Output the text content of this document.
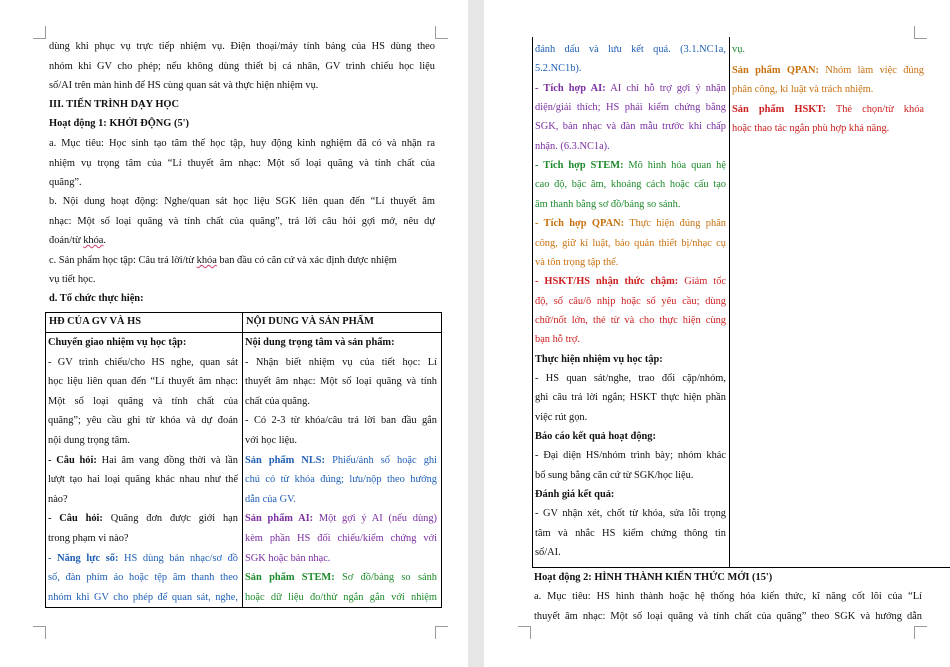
dùng khi phục vụ trực tiếp nhiệm vụ. Điện thoại/máy tính bảng của HS dùng theo
nhóm khi GV cho phép; nếu không dùng thiết bị cá nhân, GV trình chiếu học liệu
số/AI trên màn hình để HS cùng quan sát và thực hiện nhiệm vụ.
III. TIẾN TRÌNH DẠY HỌC
Hoạt động 1: KHỞI ĐỘNG (5')
a. Mục tiêu: Học sinh tạo tâm thế học tập, huy động kinh nghiệm đã có và nhận ra
nhiệm vụ trọng tâm của “Lí thuyết âm nhạc: Một số loại quãng và tính chất của
quãng”.
b. Nội dung hoạt động: Nghe/quan sát học liệu SGK liên quan đến “Lí thuyết âm
nhạc: Một số loại quãng và tính chất của quãng”, trả lời câu hỏi gợi mở, nêu dự
đoán/từ khóa.
c. Sản phẩm học tập: Câu trả lời/từ khóa ban đầu có căn cứ và xác định được nhiệm
vụ tiết học.
d. Tổ chức thực hiện:
HĐ CỦA GV VÀ HS	NỘI DUNG VÀ SẢN PHẨM
Chuyển giao nhiệm vụ học tập:
- GV trình chiếu/cho HS nghe, quan sát
học liệu liên quan đến “Lí thuyết âm nhạc:
Một số loại quãng và tính chất của
quãng”; yêu cầu ghi từ khóa và dự đoán
nội dung trọng tâm.
- Câu hỏi: Hai âm vang đồng thời và lần
lượt tạo hai loại quãng khác nhau như thế
nào?
- Câu hỏi: Quãng đơn được giới hạn
trong phạm vi nào?
- Năng lực số: HS dùng bản nhạc/sơ đồ
số, đàn phím ảo hoặc tệp âm thanh theo
nhóm khi GV cho phép để quan sát, nghe,
Nội dung trọng tâm và sản phẩm:
- Nhận biết nhiệm vụ của tiết học: Lí
thuyết âm nhạc: Một số loại quãng và tính
chất của quãng.
- Có 2-3 từ khóa/câu trả lời ban đầu gắn
với học liệu.
Sản phẩm NLS: Phiếu/ảnh số hoặc ghi
chú có từ khóa đúng; lưu/nộp theo hướng
dẫn của GV.
Sản phẩm AI: Một gợi ý AI (nếu dùng)
kèm phần HS đối chiếu/kiểm chứng với
SGK hoặc bản nhạc.
Sản phẩm STEM: Sơ đồ/bảng so sánh
hoặc dữ liệu đo/thử ngắn gắn với nhiệm
đánh dấu và lưu kết quả. (3.1.NC1a,
5.2.NC1b).
- Tích hợp AI: AI chỉ hỗ trợ gợi ý nhận
diện/giải thích; HS phải kiểm chứng bằng
SGK, bản nhạc và đàn mẫu trước khi chấp
nhận. (6.3.NC1a).
- Tích hợp STEM: Mô hình hóa quan hệ
cao độ, bậc âm, khoảng cách hoặc cấu tạo
âm thanh bằng sơ đồ/bảng so sánh.
- Tích hợp QPAN: Thực hiện đúng phân
công, giữ kỉ luật, bảo quản thiết bị/nhạc cụ
và tôn trọng tập thể.
- HSKT/HS nhận thức chậm: Giảm tốc
độ, số câu/ô nhịp hoặc số yêu cầu; dùng
chữ/nốt lớn, thẻ từ và cho thực hiện cùng
bạn hỗ trợ.
Thực hiện nhiệm vụ học tập:
- HS quan sát/nghe, trao đổi cặp/nhóm,
ghi câu trả lời ngắn; HSKT thực hiện phần
việc rút gọn.
Báo cáo kết quả hoạt động:
- Đại diện HS/nhóm trình bày; nhóm khác
bổ sung bằng căn cứ từ SGK/học liệu.
Đánh giá kết quả:
- GV nhận xét, chốt từ khóa, sửa lỗi trọng
tâm và nhắc HS kiểm chứng thông tin
số/AI.
vụ.
Sản phẩm QPAN: Nhóm làm việc đúng
phân công, kỉ luật và trách nhiệm.
Sản phẩm HSKT: Thẻ chọn/từ khóa
hoặc thao tác ngắn phù hợp khả năng.
Hoạt động 2: HÌNH THÀNH KIẾN THỨC MỚI (15')
a. Mục tiêu: HS hình thành hoặc hệ thống hóa kiến thức, kĩ năng cốt lõi của “Lí
thuyết âm nhạc: Một số loại quãng và tính chất của quãng” theo SGK và hướng dẫn
